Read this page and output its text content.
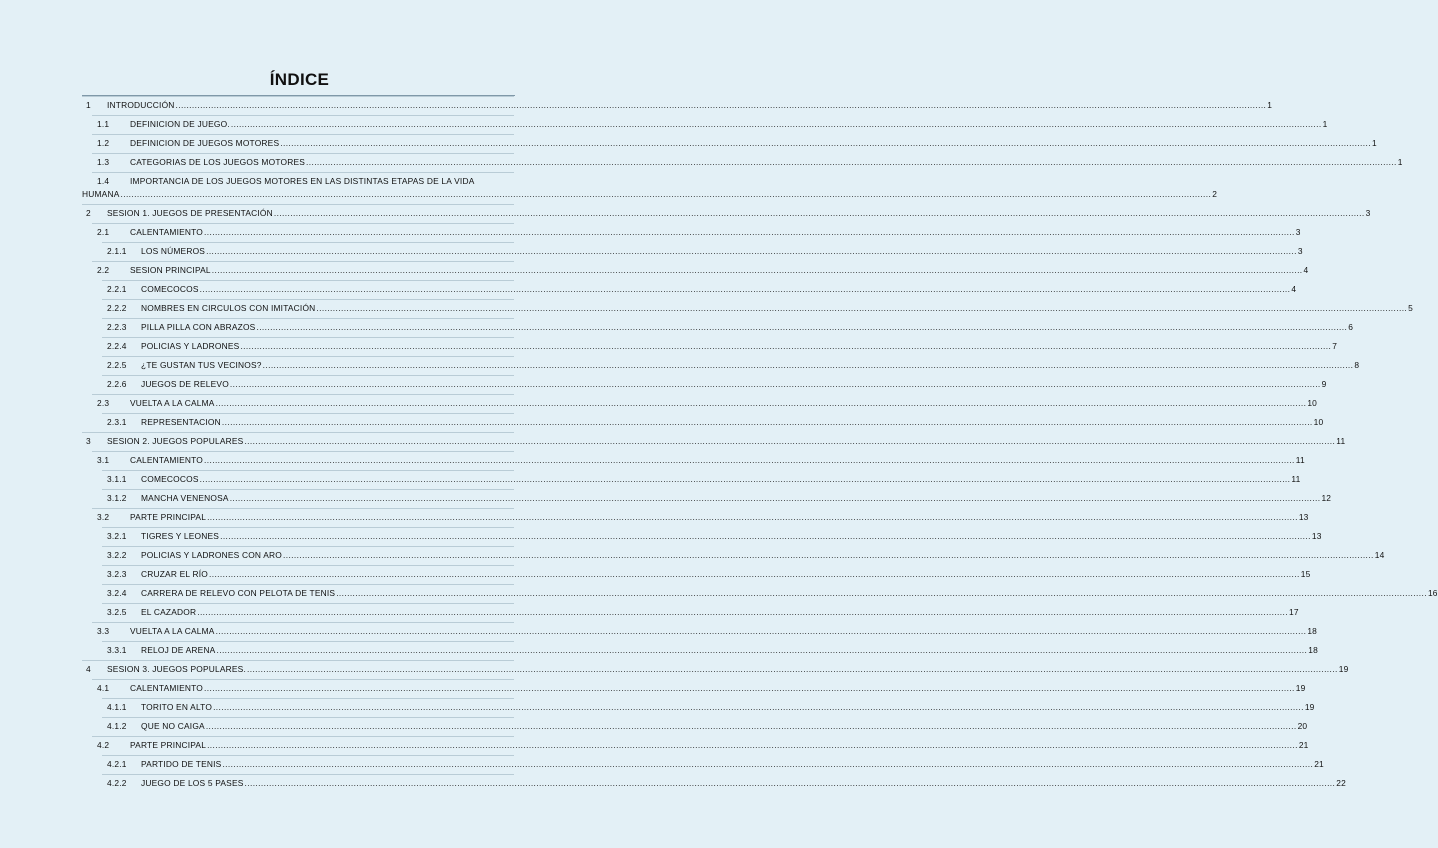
ÍNDICE
1 INTRODUCCIÓN ................................................................................................................................................................................................................................................................................................................................................................................................................ 1
1.1 DEFINICION DE JUEGO. ................................................................................................................................................................................................................................................................................................................................................................................................................ 1
1.2 DEFINICION DE JUEGOS MOTORES ................................................................................................................................................................................................................................................................................................................................................................................................................ 1
1.3 CATEGORIAS DE LOS JUEGOS MOTORES ................................................................................................................................................................................................................................................................................................................................................................................................................ 1
1.4 IMPORTANCIA DE LOS JUEGOS MOTORES EN LAS DISTINTAS ETAPAS DE LA VIDA
HUMANA ................................................................................................................................................................................................................................................................................................................................................................................................................ 2
2 SESION 1. JUEGOS DE PRESENTACIÓN ................................................................................................................................................................................................................................................................................................................................................................................................................ 3
2.1 CALENTAMIENTO ................................................................................................................................................................................................................................................................................................................................................................................................................ 3
2.1.1 LOS NÚMEROS ................................................................................................................................................................................................................................................................................................................................................................................................................ 3
2.2 SESION PRINCIPAL ................................................................................................................................................................................................................................................................................................................................................................................................................ 4
2.2.1 COMECOCOS ................................................................................................................................................................................................................................................................................................................................................................................................................ 4
2.2.2 NOMBRES EN CIRCULOS CON IMITACIÓN ................................................................................................................................................................................................................................................................................................................................................................................................................ 5
2.2.3 PILLA PILLA CON ABRAZOS ................................................................................................................................................................................................................................................................................................................................................................................................................ 6
2.2.4 POLICIAS Y LADRONES ................................................................................................................................................................................................................................................................................................................................................................................................................ 7
2.2.5 ¿TE GUSTAN TUS VECINOS? ................................................................................................................................................................................................................................................................................................................................................................................................................ 8
2.2.6 JUEGOS DE RELEVO ................................................................................................................................................................................................................................................................................................................................................................................................................ 9
2.3 VUELTA A LA CALMA ................................................................................................................................................................................................................................................................................................................................................................................................................ 10
2.3.1 REPRESENTACION ................................................................................................................................................................................................................................................................................................................................................................................................................ 10
3 SESION 2. JUEGOS POPULARES ................................................................................................................................................................................................................................................................................................................................................................................................................ 11
3.1 CALENTAMIENTO ................................................................................................................................................................................................................................................................................................................................................................................................................ 11
3.1.1 COMECOCOS ................................................................................................................................................................................................................................................................................................................................................................................................................ 11
3.1.2 MANCHA VENENOSA ................................................................................................................................................................................................................................................................................................................................................................................................................ 12
3.2 PARTE PRINCIPAL ................................................................................................................................................................................................................................................................................................................................................................................................................ 13
3.2.1 TIGRES Y LEONES ................................................................................................................................................................................................................................................................................................................................................................................................................ 13
3.2.2 POLICIAS Y LADRONES CON ARO ................................................................................................................................................................................................................................................................................................................................................................................................................ 14
3.2.3 CRUZAR EL RÍO ................................................................................................................................................................................................................................................................................................................................................................................................................ 15
3.2.4 CARRERA DE RELEVO CON PELOTA DE TENIS ................................................................................................................................................................................................................................................................................................................................................................................................................ 16
3.2.5 EL CAZADOR ................................................................................................................................................................................................................................................................................................................................................................................................................ 17
3.3 VUELTA A LA CALMA ................................................................................................................................................................................................................................................................................................................................................................................................................ 18
3.3.1 RELOJ DE ARENA ................................................................................................................................................................................................................................................................................................................................................................................................................ 18
4 SESION 3. JUEGOS POPULARES. ................................................................................................................................................................................................................................................................................................................................................................................................................ 19
4.1 CALENTAMIENTO ................................................................................................................................................................................................................................................................................................................................................................................................................ 19
4.1.1 TORITO EN ALTO ................................................................................................................................................................................................................................................................................................................................................................................................................ 19
4.1.2 QUE NO CAIGA ................................................................................................................................................................................................................................................................................................................................................................................................................ 20
4.2 PARTE PRINCIPAL ................................................................................................................................................................................................................................................................................................................................................................................................................ 21
4.2.1 PARTIDO DE TENIS ................................................................................................................................................................................................................................................................................................................................................................................................................ 21
4.2.2 JUEGO DE LOS 5 PASES ................................................................................................................................................................................................................................................................................................................................................................................................................ 22
